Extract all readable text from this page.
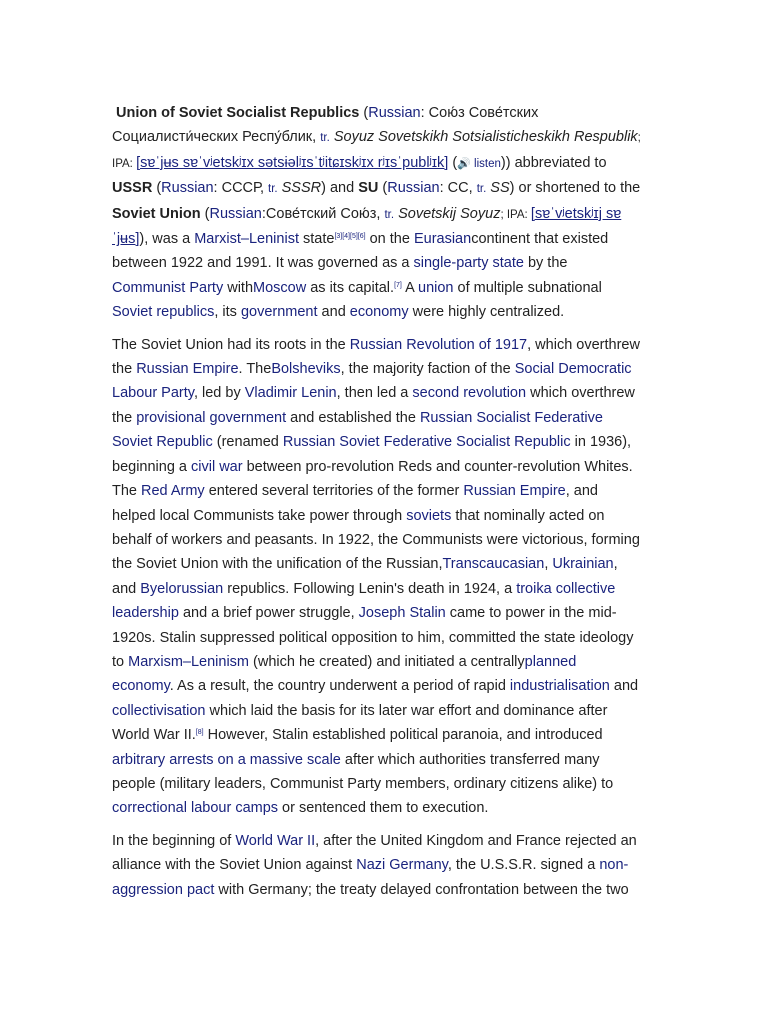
Union of Soviet Socialist Republics (Russian: Сою́з Сове́тских Социалисти́ческих Респу́блик, tr. Soyuz Sovetskikh Sotsialisticheskikh Respublik; IPA: [sɐˈjʉs sɐˈvʲetskʲɪx sətsɨəlʲɪsˈtʲitɕɪskʲɪx rʲɪsˈpublʲɪk] (🔊 listen)) abbreviated to USSR (Russian: СССР, tr. SSSR) and SU (Russian: СС, tr. SS) or shortened to the Soviet Union (Russian:Сове́тский Сою́з, tr. Sovetskij Soyuz; IPA: [sɐˈvʲetskʲɪj sɐˈjʉs]), was a Marxist–Leninist state[3][4][5][6] on the Eurasiancontinent that existed between 1922 and 1991. It was governed as a single-party state by the Communist Party withMoscow as its capital.[7] A union of multiple subnational Soviet republics, its government and economy were highly centralized.

The Soviet Union had its roots in the Russian Revolution of 1917, which overthrew the Russian Empire. TheBolsheviks, the majority faction of the Social Democratic Labour Party, led by Vladimir Lenin, then led a second revolution which overthrew the provisional government and established the Russian Socialist Federative Soviet Republic (renamed Russian Soviet Federative Socialist Republic in 1936), beginning a civil war between pro-revolution Reds and counter-revolution Whites. The Red Army entered several territories of the former Russian Empire, and helped local Communists take power through soviets that nominally acted on behalf of workers and peasants. In 1922, the Communists were victorious, forming the Soviet Union with the unification of the Russian,Transcaucasian, Ukrainian, and Byelorussian republics. Following Lenin's death in 1924, a troika collective leadership and a brief power struggle, Joseph Stalin came to power in the mid-1920s. Stalin suppressed political opposition to him, committed the state ideology to Marxism–Leninism (which he created) and initiated a centrallyplanned economy. As a result, the country underwent a period of rapid industrialisation and collectivisation which laid the basis for its later war effort and dominance after World War II.[8] However, Stalin established political paranoia, and introduced arbitrary arrests on a massive scale after which authorities transferred many people (military leaders, Communist Party members, ordinary citizens alike) to correctional labour camps or sentenced them to execution.

In the beginning of World War II, after the United Kingdom and France rejected an alliance with the Soviet Union against Nazi Germany, the U.S.S.R. signed a non-aggression pact with Germany; the treaty delayed confrontation between the two
